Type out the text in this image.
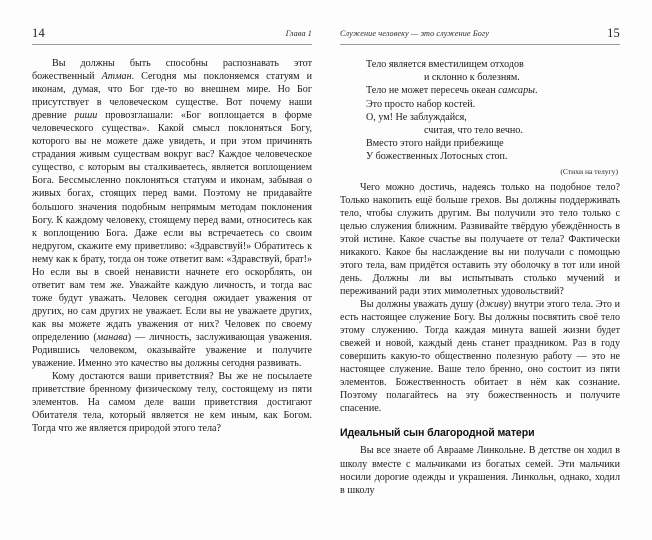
14	Глава 1

Вы должны быть способны распознавать этот божественный Атман. Сегодня мы поклоняемся статуям и иконам, думая, что Бог где-то во внешнем мире. Но Бог присутствует в человеческом существе. Вот почему наши древние риши провозглашали: «Бог воплощается в форме человеческого существа». Какой смысл поклоняться Богу, которого вы не можете даже увидеть, и при этом причинять страдания живым существам вокруг вас? Каждое человеческое существо, с которым вы сталкиваетесь, является воплощением Бога. Бессмысленно поклоняться статуям и иконам, забывая о живых богах, стоящих перед вами. Поэтому не придавайте большого значения подобным непрямым методам поклонения Богу. К каждому человеку, стоящему перед вами, относитесь как к воплощению Бога. Даже если вы встречаетесь со своим недругом, скажите ему приветливо: «Здравствуй!» Обратитесь к нему как к брату, тогда он тоже ответит вам: «Здравствуй, брат!» Но если вы в своей ненависти начнете его оскорблять, он ответит вам тем же. Уважайте каждую личность, и тогда вас тоже будут уважать. Человек сегодня ожидает уважения от других, но сам других не уважает. Если вы не уважаете других, как вы можете ждать уважения от них? Человек по своему определению (манава) — личность, заслуживающая уважения. Родившись человеком, оказывайте уважение и получите уважение. Именно это качество вы должны сегодня развивать.

Кому достаются ваши приветствия? Вы же не посылаете приветствие бренному физическому телу, состоящему из пяти элементов. На самом деле ваши приветствия достигают Обитателя тела, который является не кем иным, как Богом. Тогда что же является природой этого тела?

Служение человеку — это служение Богу	15
Тело является вместилищем отходов
и склонно к болезням.
Тело не может пересечь океан самсары.
Это просто набор костей.
О, ум! Не заблуждайся,
считая, что тело вечно.
Вместо этого найди прибежище
У божественных Лотосных стоп.
(Стихи на телугу)

Чего можно достичь, надеясь только на подобное тело? Только накопить ещё больше грехов. Вы должны поддерживать тело, чтобы служить другим. Вы получили это тело только с целью служения ближним. Развивайте твёрдую убеждённость в этой истине. Какое счастье вы получаете от тела? Фактически никакого. Какое бы наслаждение вы ни получали с помощью этого тела, вам придётся оставить эту оболочку в тот или иной день. Должны ли вы испытывать столько мучений и переживаний ради этих мимолетных удовольствий?

Вы должны уважать душу (дживу) внутри этого тела. Это и есть настоящее служение Богу. Вы должны посвятить своё тело этому служению. Тогда каждая минута вашей жизни будет свежей и новой, каждый день станет праздником. Раз в году совершить какую-то общественно полезную работу — это не настоящее служение. Ваше тело бренно, оно состоит из пяти элементов. Божественность обитает в нём как сознание. Поэтому полагайтесь на эту божественность и получите спасение.

Идеальный сын благородной матери

Вы все знаете об Аврааме Линкольне. В детстве он ходил в школу вместе с мальчиками из богатых семей. Эти мальчики носили дорогие одежды и украшения. Линкольн, однако, ходил в школу
